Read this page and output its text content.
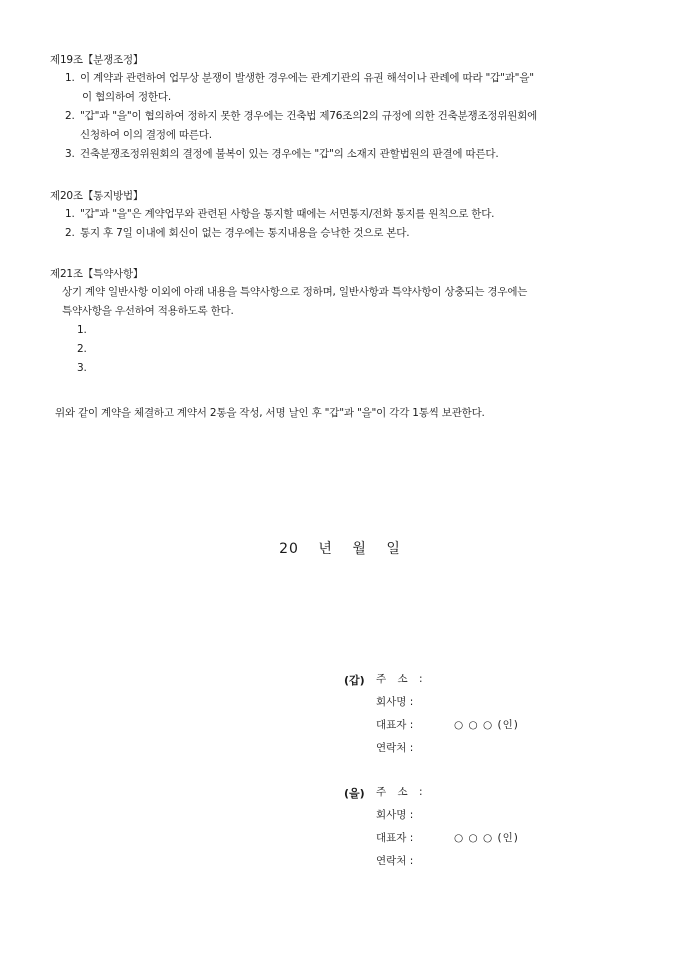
제19조【분쟁조정】
1. 이 계약과 관련하여 업무상 분쟁이 발생한 경우에는 관계기관의 유권 해석이나 관례에 따라 "갑"과"을"
이 협의하여 정한다.
2. "갑"과 "을"이 협의하여 정하지 못한 경우에는 건축법 제76조의2의 규정에 의한 건축분쟁조정위원회에
신청하여 이의 결정에 따른다.
3. 건축분쟁조정위원회의 결정에 불복이 있는 경우에는 "갑"의 소재지 관할법원의 판결에 따른다.
제20조【통지방법】
1. "갑"과 "을"은 계약업무와 관련된 사항을 통지할 때에는 서면통지/전화 통지를 원칙으로 한다.
2. 통지 후 7일 이내에 회신이 없는 경우에는 통지내용을 승낙한 것으로 본다.
제21조【특약사항】
상기 계약 일반사항 이외에 아래 내용을 특약사항으로 정하며, 일반사항과 특약사항이 상충되는 경우에는
특약사항을 우선하여 적용하도록 한다.
1.

2.

3.

위와 같이 계약을 체결하고 계약서 2통을 작성, 서명 날인 후 "갑"과 "을"이 각각 1통씩 보관한다.
20 년 월 일
(갑) 주 소 :
회사명 :
대표자 :	○ ○ ○ (인)
연락처 :
(을) 주 소 :
회사명 :
대표자 :	○ ○ ○ (인)
연락처 :
